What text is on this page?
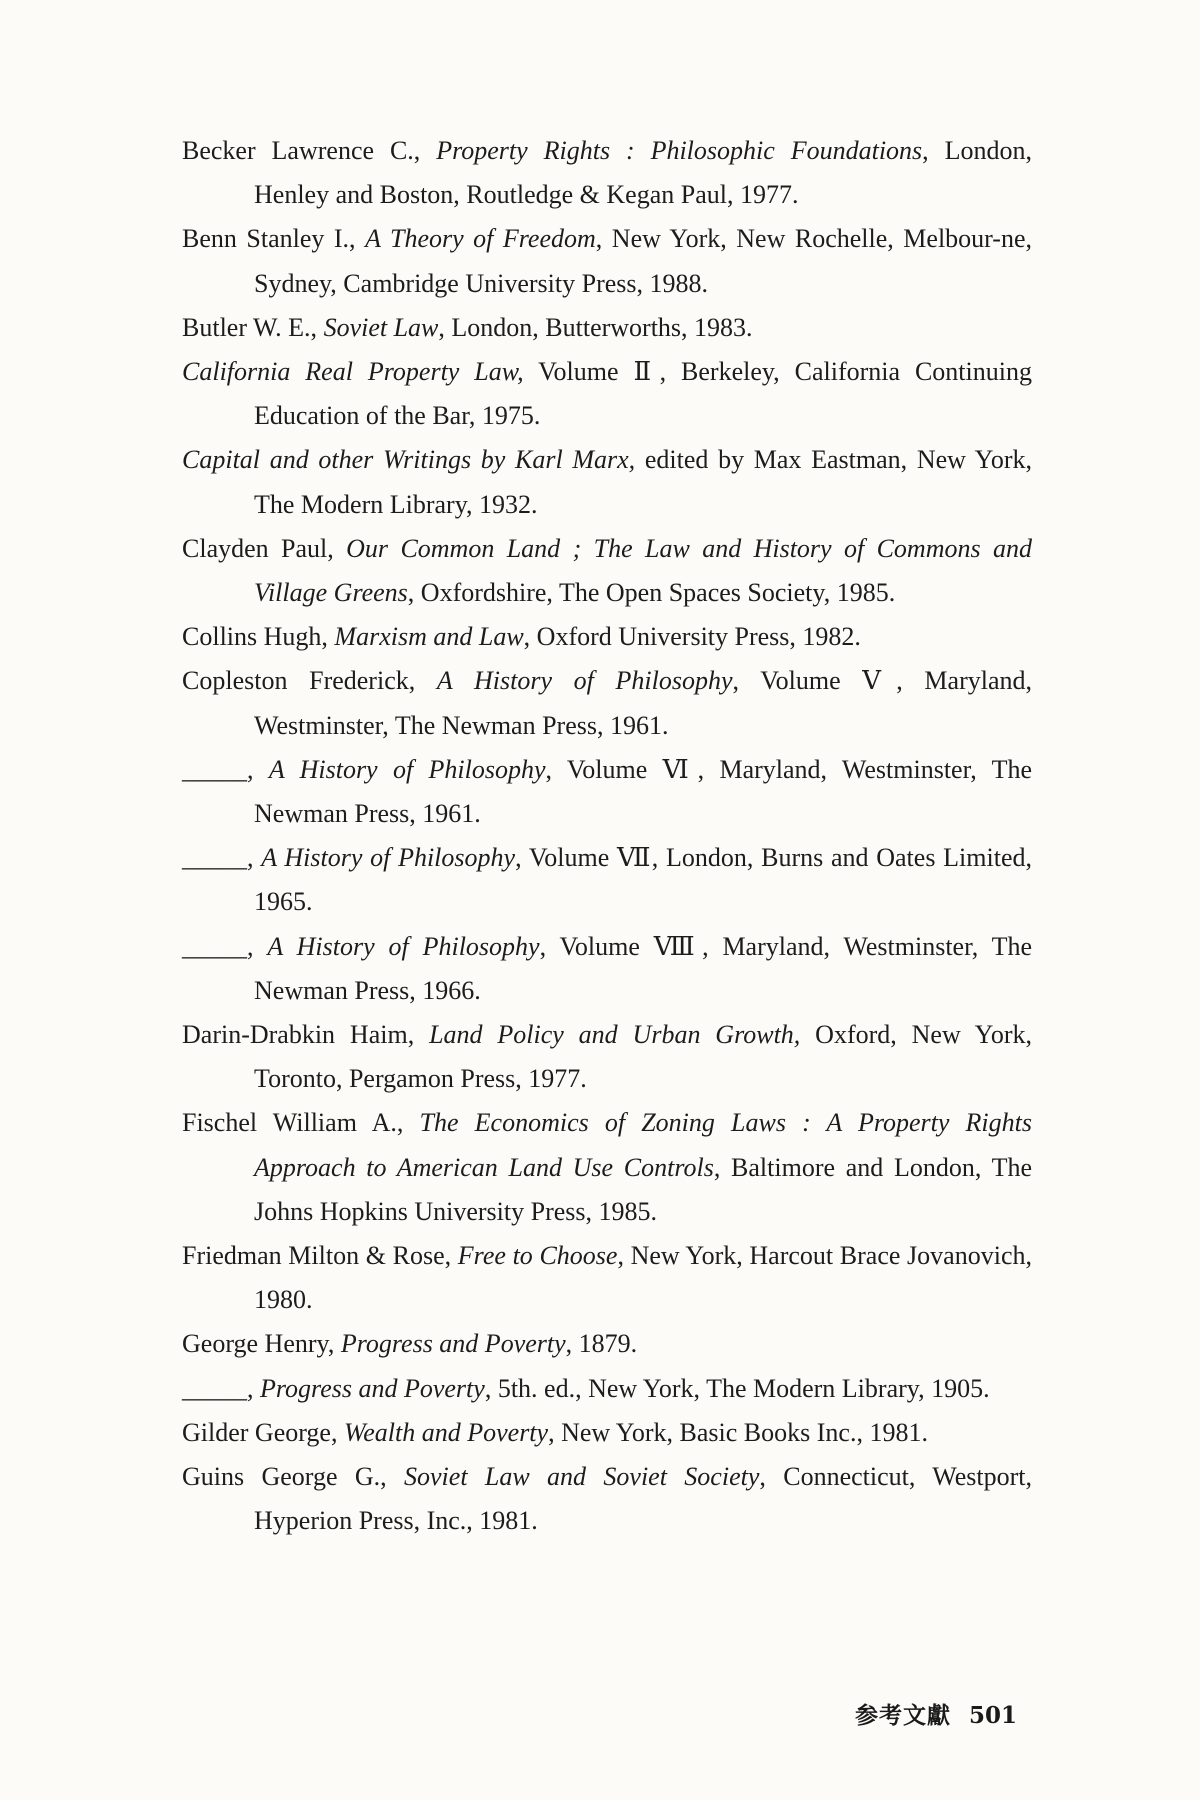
Becker Lawrence C., Property Rights : Philosophic Foundations, London, Henley and Boston, Routledge & Kegan Paul, 1977.
Benn Stanley I., A Theory of Freedom, New York, New Rochelle, Melbour-ne, Sydney, Cambridge University Press, 1988.
Butler W. E., Soviet Law, London, Butterworths, 1983.
California Real Property Law, Volume Ⅱ, Berkeley, California Continuing Education of the Bar, 1975.
Capital and other Writings by Karl Marx, edited by Max Eastman, New York, The Modern Library, 1932.
Clayden Paul, Our Common Land ; The Law and History of Commons and Village Greens, Oxfordshire, The Open Spaces Society, 1985.
Collins Hugh, Marxism and Law, Oxford University Press, 1982.
Copleston Frederick, A History of Philosophy, Volume Ⅴ, Maryland, Westminster, The Newman Press, 1961.
_____, A History of Philosophy, Volume Ⅵ, Maryland, Westminster, The Newman Press, 1961.
_____, A History of Philosophy, Volume Ⅶ, London, Burns and Oates Limited, 1965.
_____, A History of Philosophy, Volume Ⅷ, Maryland, Westminster, The Newman Press, 1966.
Darin-Drabkin Haim, Land Policy and Urban Growth, Oxford, New York, Toronto, Pergamon Press, 1977.
Fischel William A., The Economics of Zoning Laws : A Property Rights Approach to American Land Use Controls, Baltimore and London, The Johns Hopkins University Press, 1985.
Friedman Milton & Rose, Free to Choose, New York, Harcout Brace Jovanovich, 1980.
George Henry, Progress and Poverty, 1879.
_____, Progress and Poverty, 5th. ed., New York, The Modern Library, 1905.
Gilder George, Wealth and Poverty, New York, Basic Books Inc., 1981.
Guins George G., Soviet Law and Soviet Society, Connecticut, Westport, Hyperion Press, Inc., 1981.
参考文獻 501
